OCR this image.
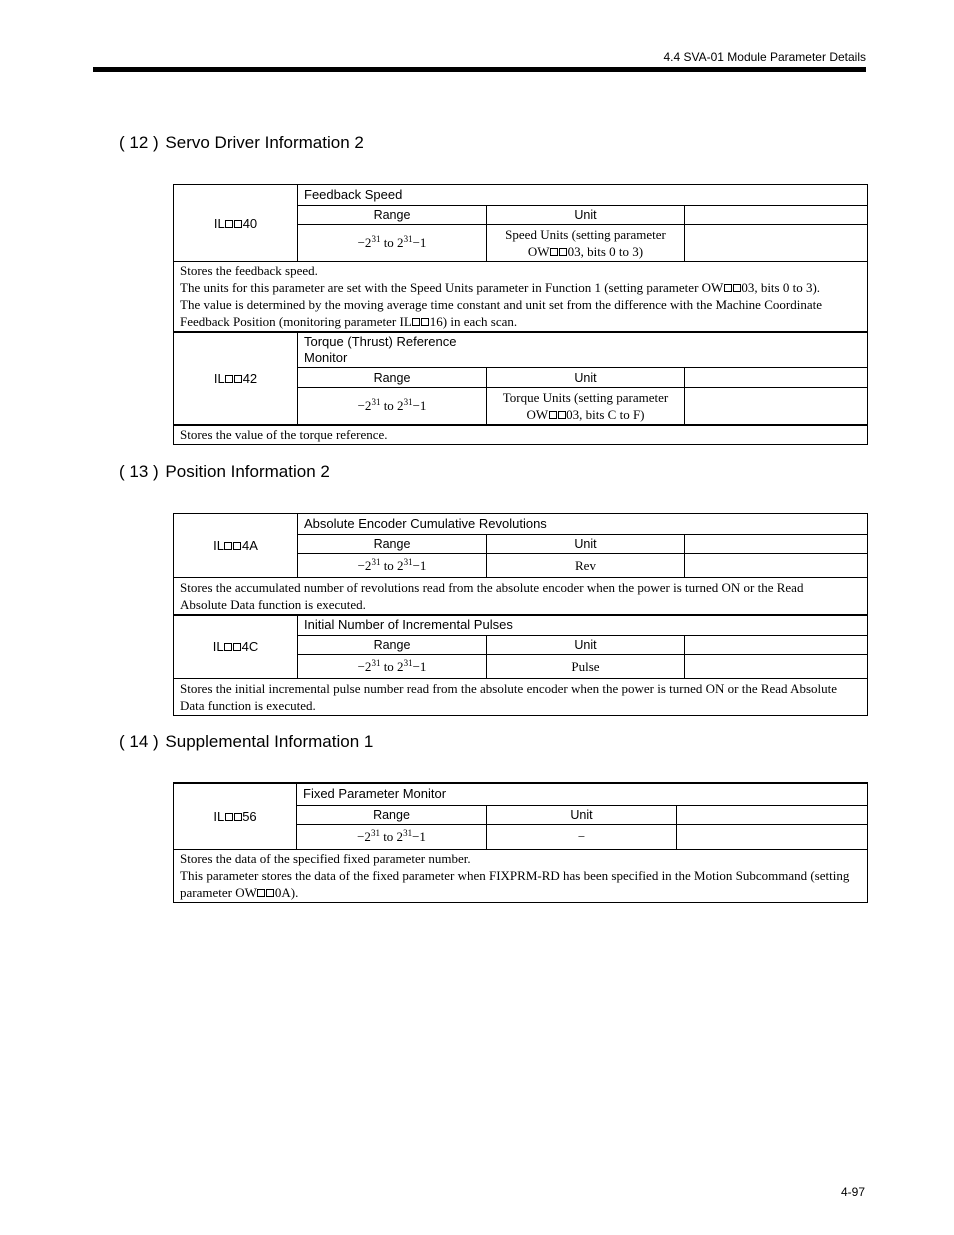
4.4 SVA-01 Module Parameter Details
( 12 ) Servo Driver Information 2
IL 40	Feedback Speed		
	Range	Unit	
	$-2^{31}$ to $2^{31}-1$	Speed Units (setting parameter
OW 03, bits 0 to 3)	
Stores the feedback speed.
The units for this parameter are set with the Speed Units parameter in Function 1 (setting parameter OW 03, bits 0 to 3).
The value is determined by the moving average time constant and unit set from the difference with the Machine Coordinate
Feedback Position (monitoring parameter IL 16) in each scan.			
IL 42	Torque (Thrust) Reference
Monitor		
	Range	Unit	
	$-2^{31}$ to $2^{31}-1$	Torque Units (setting parameter
OW 03, bits C to F)	
Stores the value of the torque reference.			
( 13 ) Position Information 2
IL 4A	Absolute Encoder Cumulative Revolutions		
	Range	Unit	
	$-2^{31}$ to $2^{31}-1$	Rev	
Stores the accumulated number of revolutions read from the absolute encoder when the power is turned ON or the Read
Absolute Data function is executed.			
IL 4C	Initial Number of Incremental Pulses		
	Range	Unit	
	$-2^{31}$ to $2^{31}-1$	Pulse	
Stores the initial incremental pulse number read from the absolute encoder when the power is turned ON or the Read Absolute
Data function is executed.			
( 14 ) Supplemental Information 1
IL 56	Fixed Parameter Monitor		
	Range	Unit	
	$-2^{31}$ to $2^{31}-1$	−	
Stores the data of the specified fixed parameter number.
This parameter stores the data of the fixed parameter when FIXPRM-RD has been specified in the Motion Subcommand (setting
parameter OW 0A).			
4-97
